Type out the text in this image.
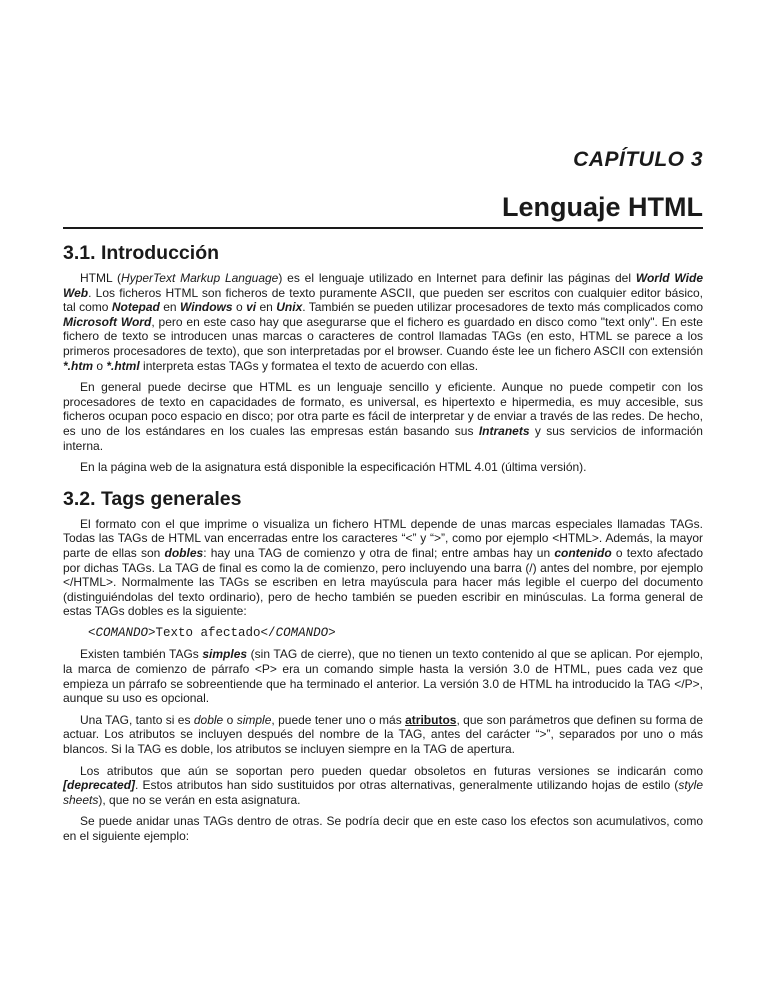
CAPÍTULO 3
Lenguaje HTML
3.1. Introducción

HTML (HyperText Markup Language) es el lenguaje utilizado en Internet para definir las páginas del World Wide Web. Los ficheros HTML son ficheros de texto puramente ASCII, que pueden ser escritos con cualquier editor básico, tal como Notepad en Windows o vi en Unix. También se pueden utilizar procesadores de texto más complicados como Microsoft Word, pero en este caso hay que asegurarse que el fichero es guardado en disco como "text only". En este fichero de texto se introducen unas marcas o caracteres de control llamadas TAGs (en esto, HTML se parece a los primeros procesadores de texto), que son interpretadas por el browser. Cuando éste lee un fichero ASCII con extensión *.htm o *.html interpreta estas TAGs y formatea el texto de acuerdo con ellas.

En general puede decirse que HTML es un lenguaje sencillo y eficiente. Aunque no puede competir con los procesadores de texto en capacidades de formato, es universal, es hipertexto e hipermedia, es muy accesible, sus ficheros ocupan poco espacio en disco; por otra parte es fácil de interpretar y de enviar a través de las redes. De hecho, es uno de los estándares en los cuales las empresas están basando sus Intranets y sus servicios de información interna.

En la página web de la asignatura está disponible la especificación HTML 4.01 (última versión).

3.2. Tags generales

El formato con el que imprime o visualiza un fichero HTML depende de unas marcas especiales llamadas TAGs. Todas las TAGs de HTML van encerradas entre los caracteres “<” y “>”, como por ejemplo <HTML>. Además, la mayor parte de ellas son dobles: hay una TAG de comienzo y otra de final; entre ambas hay un contenido o texto afectado por dichas TAGs. La TAG de final es como la de comienzo, pero incluyendo una barra (/) antes del nombre, por ejemplo </HTML>. Normalmente las TAGs se escriben en letra mayúscula para hacer más legible el cuerpo del documento (distinguiéndolas del texto ordinario), pero de hecho también se pueden escribir en minúsculas. La forma general de estas TAGs dobles es la siguiente:

<COMANDO>Texto afectado</COMANDO>

Existen también TAGs simples (sin TAG de cierre), que no tienen un texto contenido al que se aplican. Por ejemplo, la marca de comienzo de párrafo <P> era un comando simple hasta la versión 3.0 de HTML, pues cada vez que empieza un párrafo se sobreentiende que ha terminado el anterior. La versión 3.0 de HTML ha introducido la TAG </P>, aunque su uso es opcional.

Una TAG, tanto si es doble o simple, puede tener uno o más atributos, que son parámetros que definen su forma de actuar. Los atributos se incluyen después del nombre de la TAG, antes del carácter “>”, separados por uno o más blancos. Si la TAG es doble, los atributos se incluyen siempre en la TAG de apertura.

Los atributos que aún se soportan pero pueden quedar obsoletos en futuras versiones se indicarán como [deprecated]. Estos atributos han sido sustituidos por otras alternativas, generalmente utilizando hojas de estilo (style sheets), que no se verán en esta asignatura.

Se puede anidar unas TAGs dentro de otras. Se podría decir que en este caso los efectos son acumulativos, como en el siguiente ejemplo:
